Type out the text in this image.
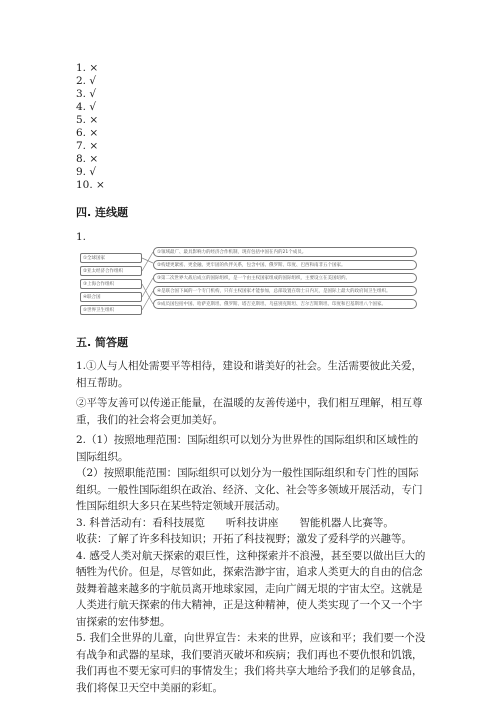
1. ×
2. √
3. √
4. √
5. ×
6. ×
7. ×
8. ×
9. √
10. ×
四. 连线题
1.
①全球国家
②亚太经济合作组织
③上海合作组织
④联合国
⑤世界卫生组织
①领域最广、最具影响力的经济合作机制，现有包括中国在内的21个成员。
②构建更紧密、更金融、更牢固的伙伴关系，包含中国、俄罗斯、印度、巴西和南非五个国家。
③第二次世界大战后成立的国际组织，是一个由主权国家组成的国际组织，主要设立在美国纽约。
④是联合国下属的一个专门机构，只有主权国家才能参加，总部设置在瑞士日内瓦，是国际上最大的政府间卫生组织。
⑤成员国包括中国、哈萨克斯坦、俄罗斯、塔吉克斯坦、乌兹别克斯坦、吉尔吉斯斯坦、印度和巴基斯坦八个国家。
五. 简答题

1.①人与人相处需要平等相待，建设和谐美好的社会。生活需要彼此关爱，相互帮助。

②平等友善可以传递正能量，在温暖的友善传递中，我们相互理解，相互尊重，我们的社会将会更加美好。

2.（1）按照地理范围：国际组织可以划分为世界性的国际组织和区域性的国际组织。

（2）按照职能范围：国际组织可以划分为一般性国际组织和专门性的国际组织。一般性国际组织在政治、经济、文化、社会等多领域开展活动，专门性国际组织大多只在某些特定领域开展活动。

3. 科普活动有：看科技展览　　听科技讲座　　智能机器人比赛等。

收获：了解了许多科技知识；开拓了科技视野；激发了爱科学的兴趣等。

4. 感受人类对航天探索的艰巨性，这种探索并不浪漫，甚至要以做出巨大的牺牲为代价。但是，尽管如此，探索浩渺宇宙，追求人类更大的自由的信念鼓舞着越来越多的宇航员离开地球家园，走向广阔无垠的宇宙太空。这就是人类进行航天探索的伟大精神，正是这种精神，使人类实现了一个又一个宇宙探索的宏伟梦想。

5. 我们全世界的儿童，向世界宣告：未来的世界，应该和平；我们要一个没有战争和武器的星球，我们要消灭破坏和疾病；我们再也不要仇恨和饥饿，我们再也不要无家可归的事情发生；我们将共享大地给予我们的足够食品，我们将保卫天空中美丽的彩虹。
